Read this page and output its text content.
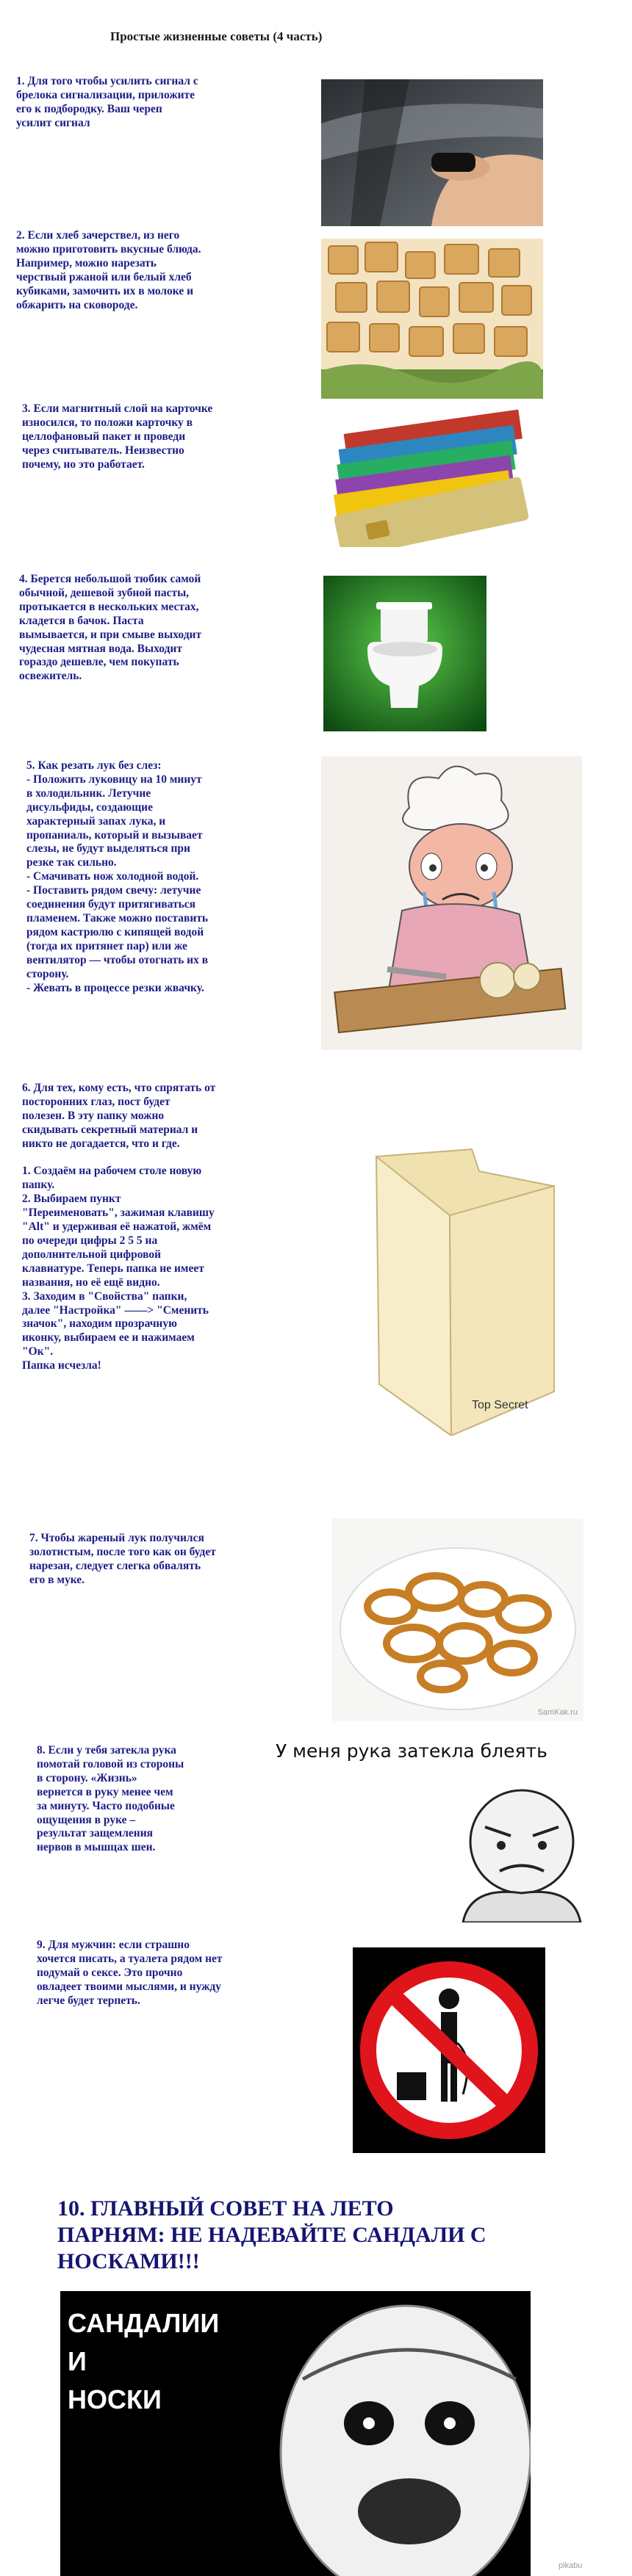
Простые жизненные советы (4 часть)
1. Для того чтобы усилить сигнал с
брелока сигнализации, приложите
его к подбородку. Ваш череп
усилит сигнал
2. Если хлеб зачерствел, из него
можно приготовить вкусные блюда.
Например, можно нарезать
черствый ржаной или белый хлеб
кубиками, замочить их в молоке и
обжарить на сковороде.
3. Если магнитный слой на карточке
износился, то положи карточку в
целлофановый пакет и проведи
через считыватель. Неизвестно
почему, но это работает.
4. Берется небольшой тюбик самой
обычной, дешевой зубной пасты,
протыкается в нескольких местах,
кладется в бачок. Паста
вымывается, и при смыве выходит
чудесная мятная вода. Выходит
гораздо дешевле, чем покупать
освежитель.
5. Как резать лук без слез:
- Положить луковицу на 10 минут
в холодильник. Летучие
дисульфиды, создающие
характерный запах лука, и
пропаниаль, который и вызывает
слезы, не будут выделяться при
резке так сильно.
- Смачивать нож холодной водой.
- Поставить рядом свечу: летучие
соединения будут притягиваться
пламенем. Также можно поставить
рядом кастрюлю с кипящей водой
(тогда их притянет пар) или же
вентилятор — чтобы отогнать их в
сторону.
- Жевать в процессе резки жвачку.
6. Для тех, кому есть, что спрятать от
посторонних глаз, пост будет
полезен. В эту папку можно
скидывать секретный материал и
никто не догадается, что и где.

1. Создаём на рабочем столе новую
папку.
2. Выбираем пункт
"Переименовать", зажимая клавишу
"Alt" и удерживая её нажатой, жмём
по очереди цифры 2 5 5 на
дополнительной цифровой
клавиатуре. Теперь папка не имеет
названия, но её ещё видно.
3. Заходим в "Свойства" папки,
далее "Настройка" ——> "Сменить
значок", находим прозрачную
иконку, выбираем ее и нажимаем
"Ок".
Папка исчезла!
Top Secret
7. Чтобы жареный лук получился
золотистым, после того как он будет
нарезан, следует слегка обвалять
его в муке.
SamKak.ru
8. Если у тебя затекла рука
помотай головой из стороны
в сторону. «Жизнь»
вернется в руку менее чем
за минуту. Часто подобные
ощущения в руке –
результат защемления
нервов в мышцах шеи.
У меня рука затекла блеять
9. Для мужчин: если страшно
хочется писать, а туалета рядом нет
подумай о сексе. Это прочно
овладеет твоими мыслями, и нужду
легче будет терпеть.
10. ГЛАВНЫЙ СОВЕТ НА ЛЕТО
ПАРНЯМ: НЕ НАДЕВАЙТЕ САНДАЛИ С
НОСКАМИ!!!
САНДАЛИИ
И
НОСКИ
pikabu
